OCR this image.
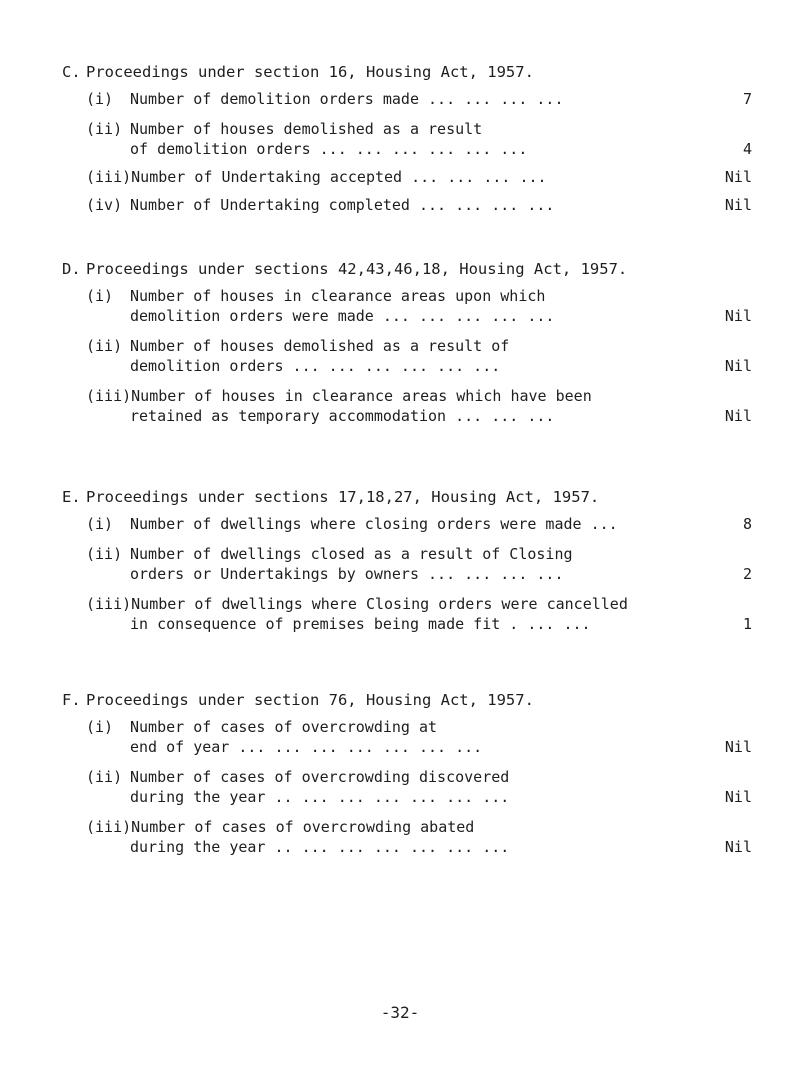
C. Proceedings under section 16, Housing Act, 1957.
(i) Number of demolition orders made ... ... ... ...	7
(ii) Number of houses demolished as a result
of demolition orders ... ... ... ... ... ...	4
(iii)Number of Undertaking accepted ... ... ... ...	Nil
(iv) Number of Undertaking completed ... ... ... ...	Nil
D. Proceedings under sections 42,43,46,18, Housing Act, 1957.
(i) Number of houses in clearance areas upon which
demolition orders were made ... ... ... ... ...	Nil
(ii) Number of houses demolished as a result of
demolition orders ... ... ... ... ... ...	Nil
(iii)Number of houses in clearance areas which have been
retained as temporary accommodation ... ... ...	Nil
E. Proceedings under sections 17,18,27, Housing Act, 1957.
(i) Number of dwellings where closing orders were made ...	8
(ii) Number of dwellings closed as a result of Closing
orders or Undertakings by owners ... ... ... ...	2
(iii)Number of dwellings where Closing orders were cancelled
in consequence of premises being made fit . ... ...	1
F. Proceedings under section 76, Housing Act, 1957.
(i) Number of cases of overcrowding at
end of year ... ... ... ... ... ... ...	Nil
(ii) Number of cases of overcrowding discovered
during the year .. ... ... ... ... ... ...	Nil
(iii)Number of cases of overcrowding abated
during the year .. ... ... ... ... ... ...	Nil
-32-
